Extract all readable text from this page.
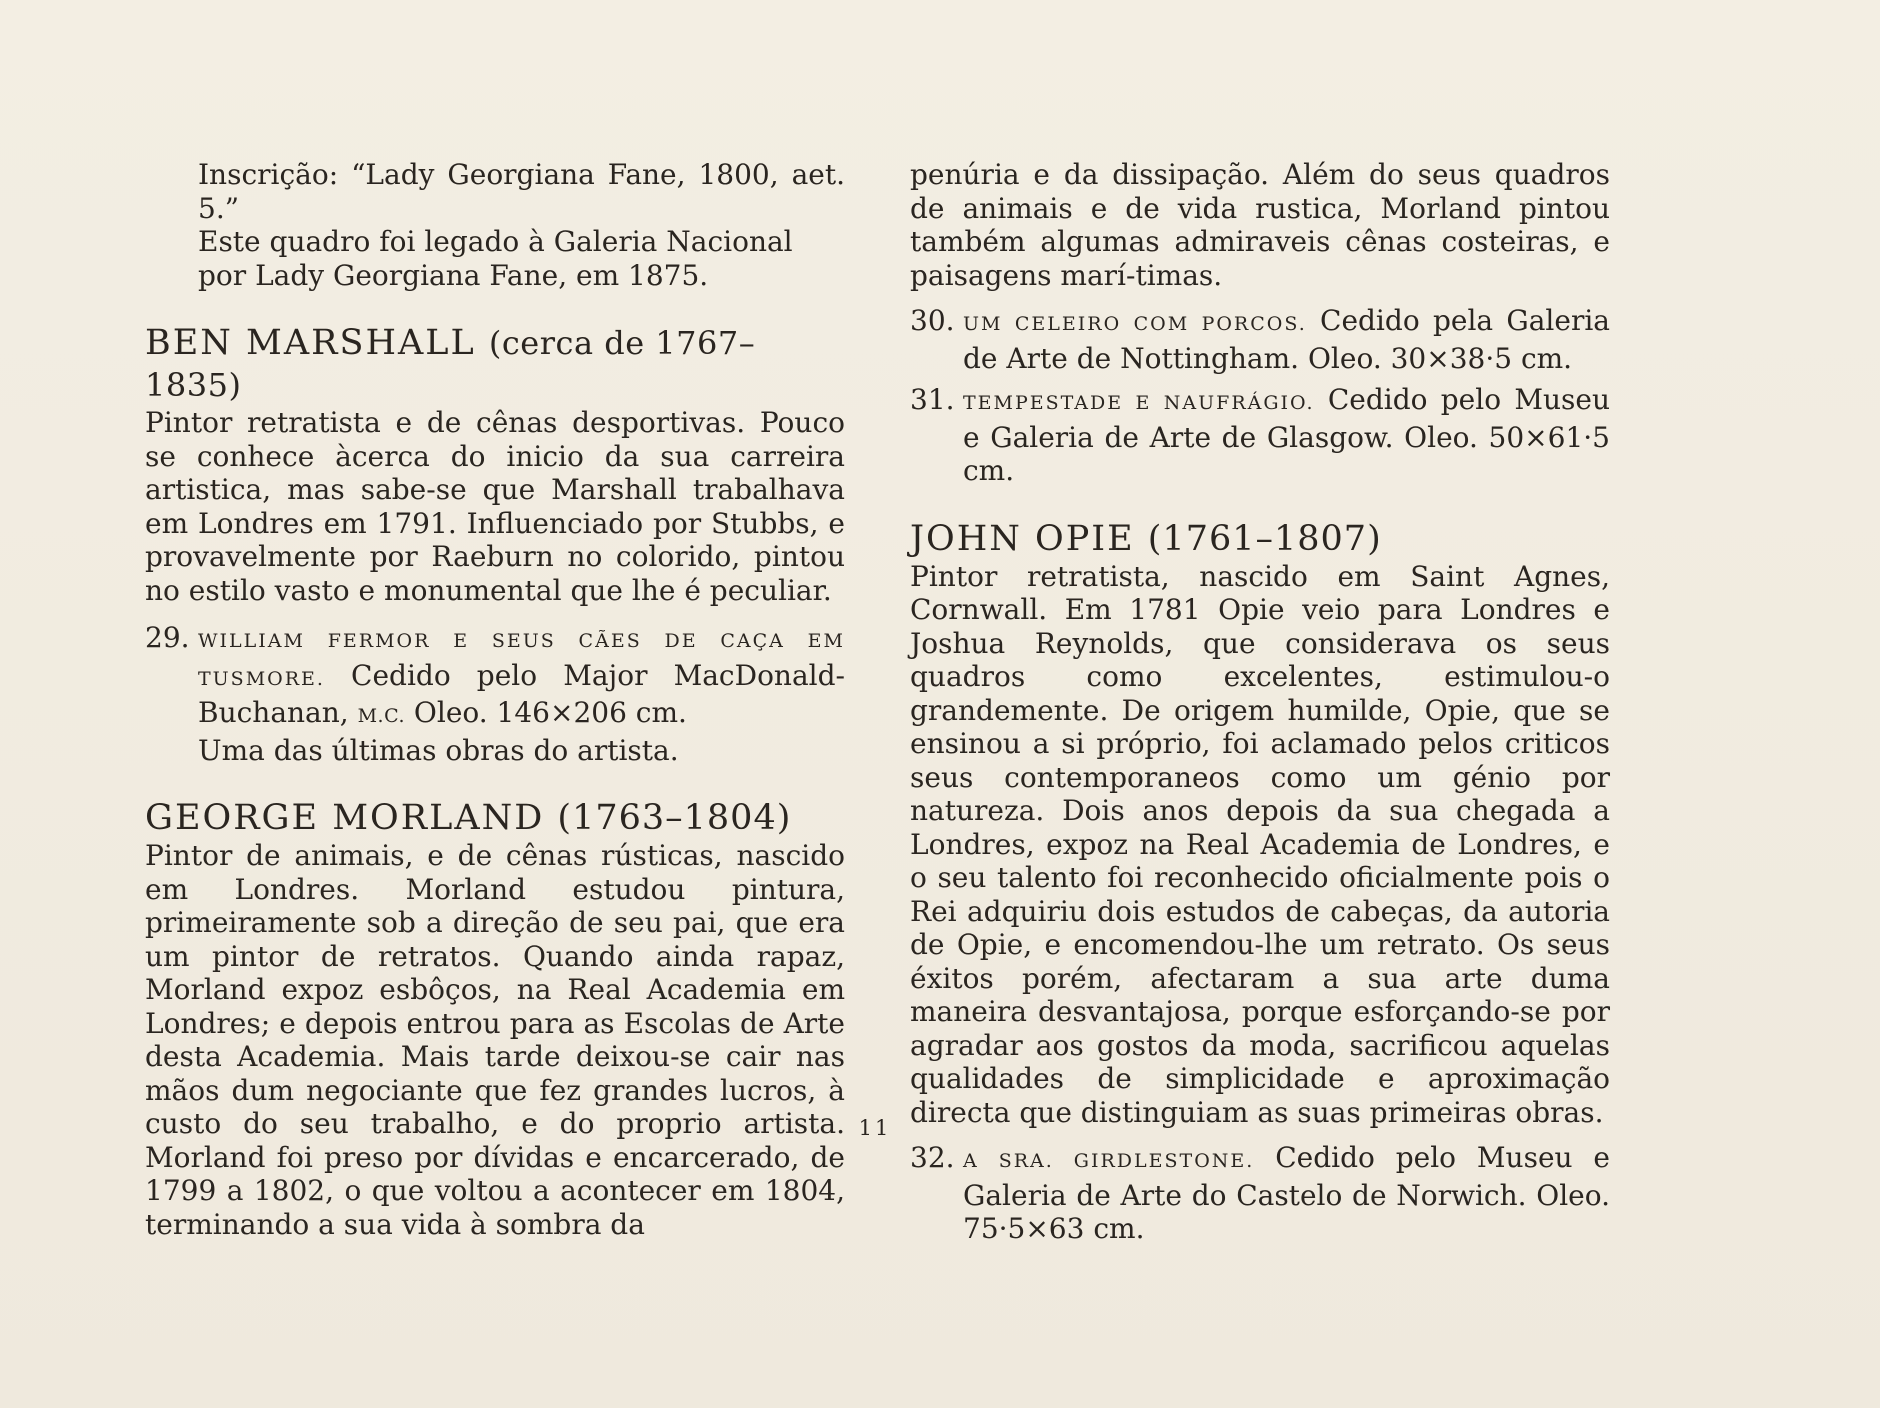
Inscrição: “Lady Georgiana Fane, 1800, aet. 5.”
Este quadro foi legado à Galeria Nacional por Lady Georgiana Fane, em 1875.
BEN MARSHALL (cerca de 1767–1835)

Pintor retratista e de cênas desportivas. Pouco se conhece àcerca do inicio da sua carreira artistica, mas sabe-se que Marshall trabalhava em Londres em 1791. Influenciado por Stubbs, e provavelmente por Raeburn no colorido, pintou no estilo vasto e monumental que lhe é peculiar.

29. WILLIAM FERMOR E SEUS CÃES DE CAÇA EM TUSMORE. Cedido pelo Major MacDonald-Buchanan, M.C. Oleo. 146×206 cm.
Uma das últimas obras do artista.
GEORGE MORLAND (1763–1804)

Pintor de animais, e de cênas rústicas, nascido em Londres. Morland estudou pintura, primeiramente sob a direção de seu pai, que era um pintor de retratos. Quando ainda rapaz, Morland expoz esbôços, na Real Academia em Londres; e depois entrou para as Escolas de Arte desta Academia. Mais tarde deixou-se cair nas mãos dum negociante que fez grandes lucros, à custo do seu trabalho, e do proprio artista. Morland foi preso por dívidas e encarcerado, de 1799 a 1802, o que voltou a acontecer em 1804, terminando a sua vida à sombra da

penúria e da dissipação. Além do seus quadros de animais e de vida rustica, Morland pintou também algumas admiraveis cênas costeiras, e paisagens marí-timas.

30. UM CELEIRO COM PORCOS. Cedido pela Galeria de Arte de Nottingham. Oleo. 30×38·5 cm.
31. TEMPESTADE E NAUFRÁGIO. Cedido pelo Museu e Galeria de Arte de Glasgow. Oleo. 50×61·5 cm.
JOHN OPIE (1761–1807)

Pintor retratista, nascido em Saint Agnes, Cornwall. Em 1781 Opie veio para Londres e Joshua Reynolds, que considerava os seus quadros como excelentes, estimulou-o grandemente. De origem humilde, Opie, que se ensinou a si próprio, foi aclamado pelos criticos seus contemporaneos como um génio por natureza. Dois anos depois da sua chegada a Londres, expoz na Real Academia de Londres, e o seu talento foi reconhecido oficialmente pois o Rei adquiriu dois estudos de cabeças, da autoria de Opie, e encomendou-lhe um retrato. Os seus éxitos porém, afectaram a sua arte duma maneira desvantajosa, porque esforçando-se por agradar aos gostos da moda, sacrificou aquelas qualidades de simplicidade e aproximação directa que distinguiam as suas primeiras obras.

32. A SRA. GIRDLESTONE. Cedido pelo Museu e Galeria de Arte do Castelo de Norwich. Oleo. 75·5×63 cm.
11
